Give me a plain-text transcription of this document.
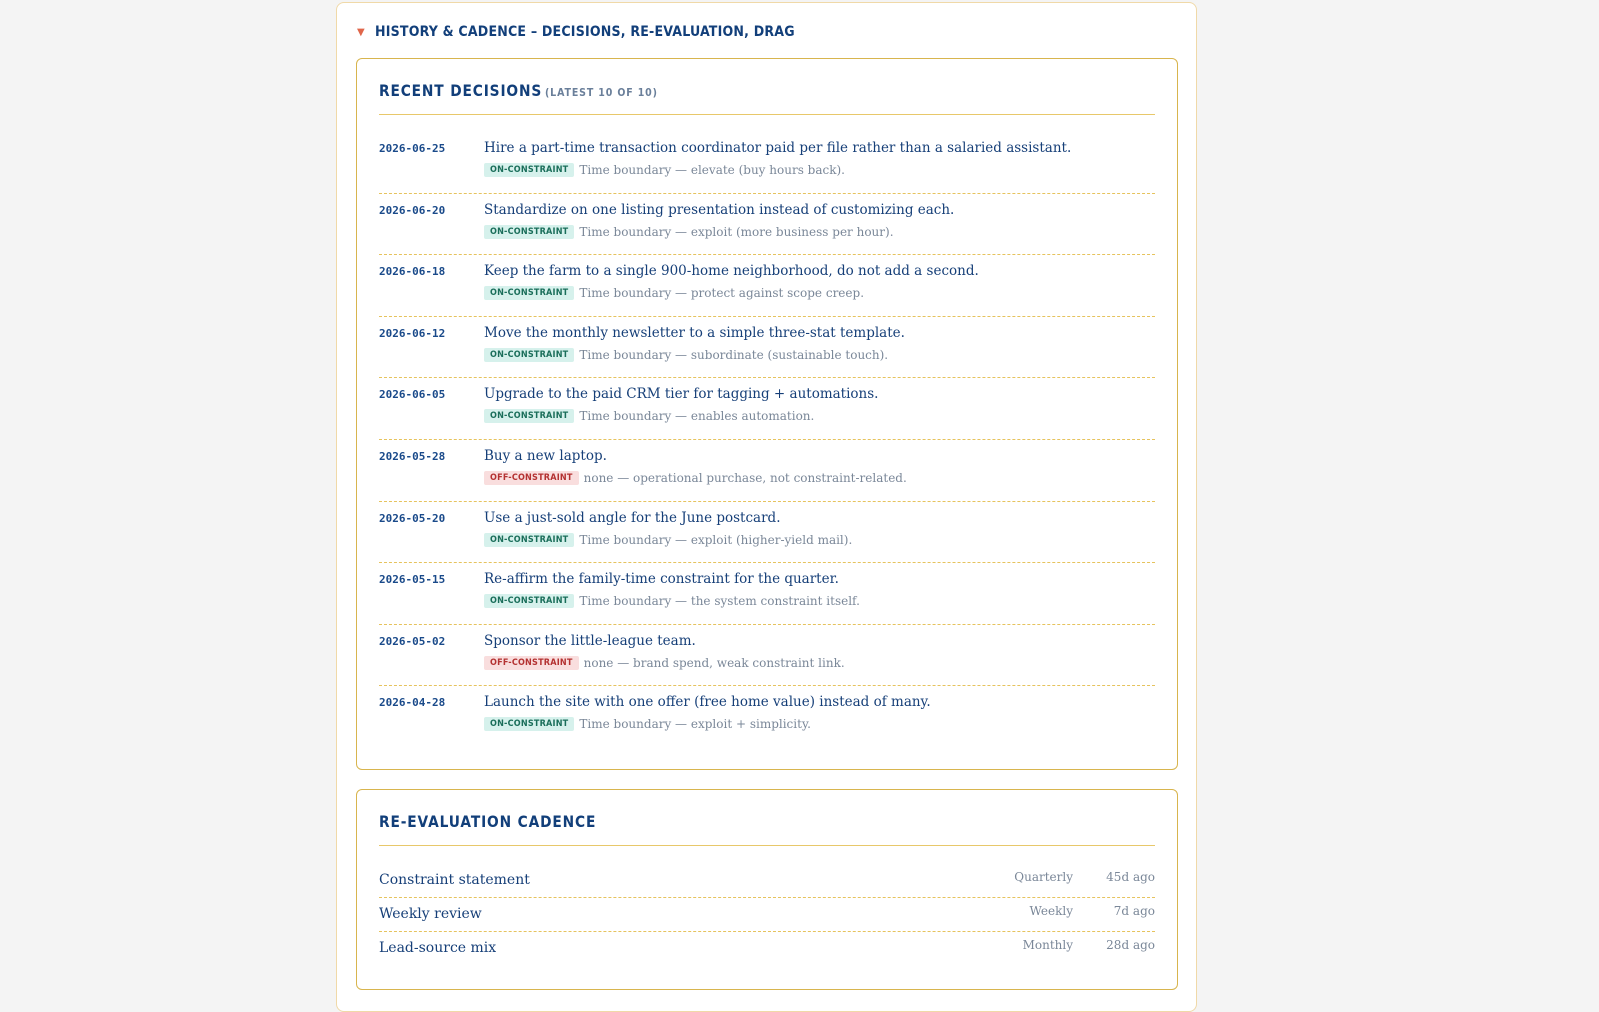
▼ HISTORY & CADENCE – DECISIONS, RE-EVALUATION, DRAG
RECENT DECISIONS (LATEST 10 OF 10)
2026-06-25	Hire a part-time transaction coordinator paid per file rather than a salaried assistant.
ON-CONSTRAINT Time boundary — elevate (buy hours back).
2026-06-20	Standardize on one listing presentation instead of customizing each.
ON-CONSTRAINT Time boundary — exploit (more business per hour).
2026-06-18	Keep the farm to a single 900-home neighborhood, do not add a second.
ON-CONSTRAINT Time boundary — protect against scope creep.
2026-06-12	Move the monthly newsletter to a simple three-stat template.
ON-CONSTRAINT Time boundary — subordinate (sustainable touch).
2026-06-05	Upgrade to the paid CRM tier for tagging + automations.
ON-CONSTRAINT Time boundary — enables automation.
2026-05-28	Buy a new laptop.
OFF-CONSTRAINT none — operational purchase, not constraint-related.
2026-05-20	Use a just-sold angle for the June postcard.
ON-CONSTRAINT Time boundary — exploit (higher-yield mail).
2026-05-15	Re-affirm the family-time constraint for the quarter.
ON-CONSTRAINT Time boundary — the system constraint itself.
2026-05-02	Sponsor the little-league team.
OFF-CONSTRAINT none — brand spend, weak constraint link.
2026-04-28	Launch the site with one offer (free home value) instead of many.
ON-CONSTRAINT Time boundary — exploit + simplicity.
RE-EVALUATION CADENCE
Constraint statement	Quarterly	45d ago
Weekly review	Weekly	7d ago
Lead-source mix	Monthly	28d ago
